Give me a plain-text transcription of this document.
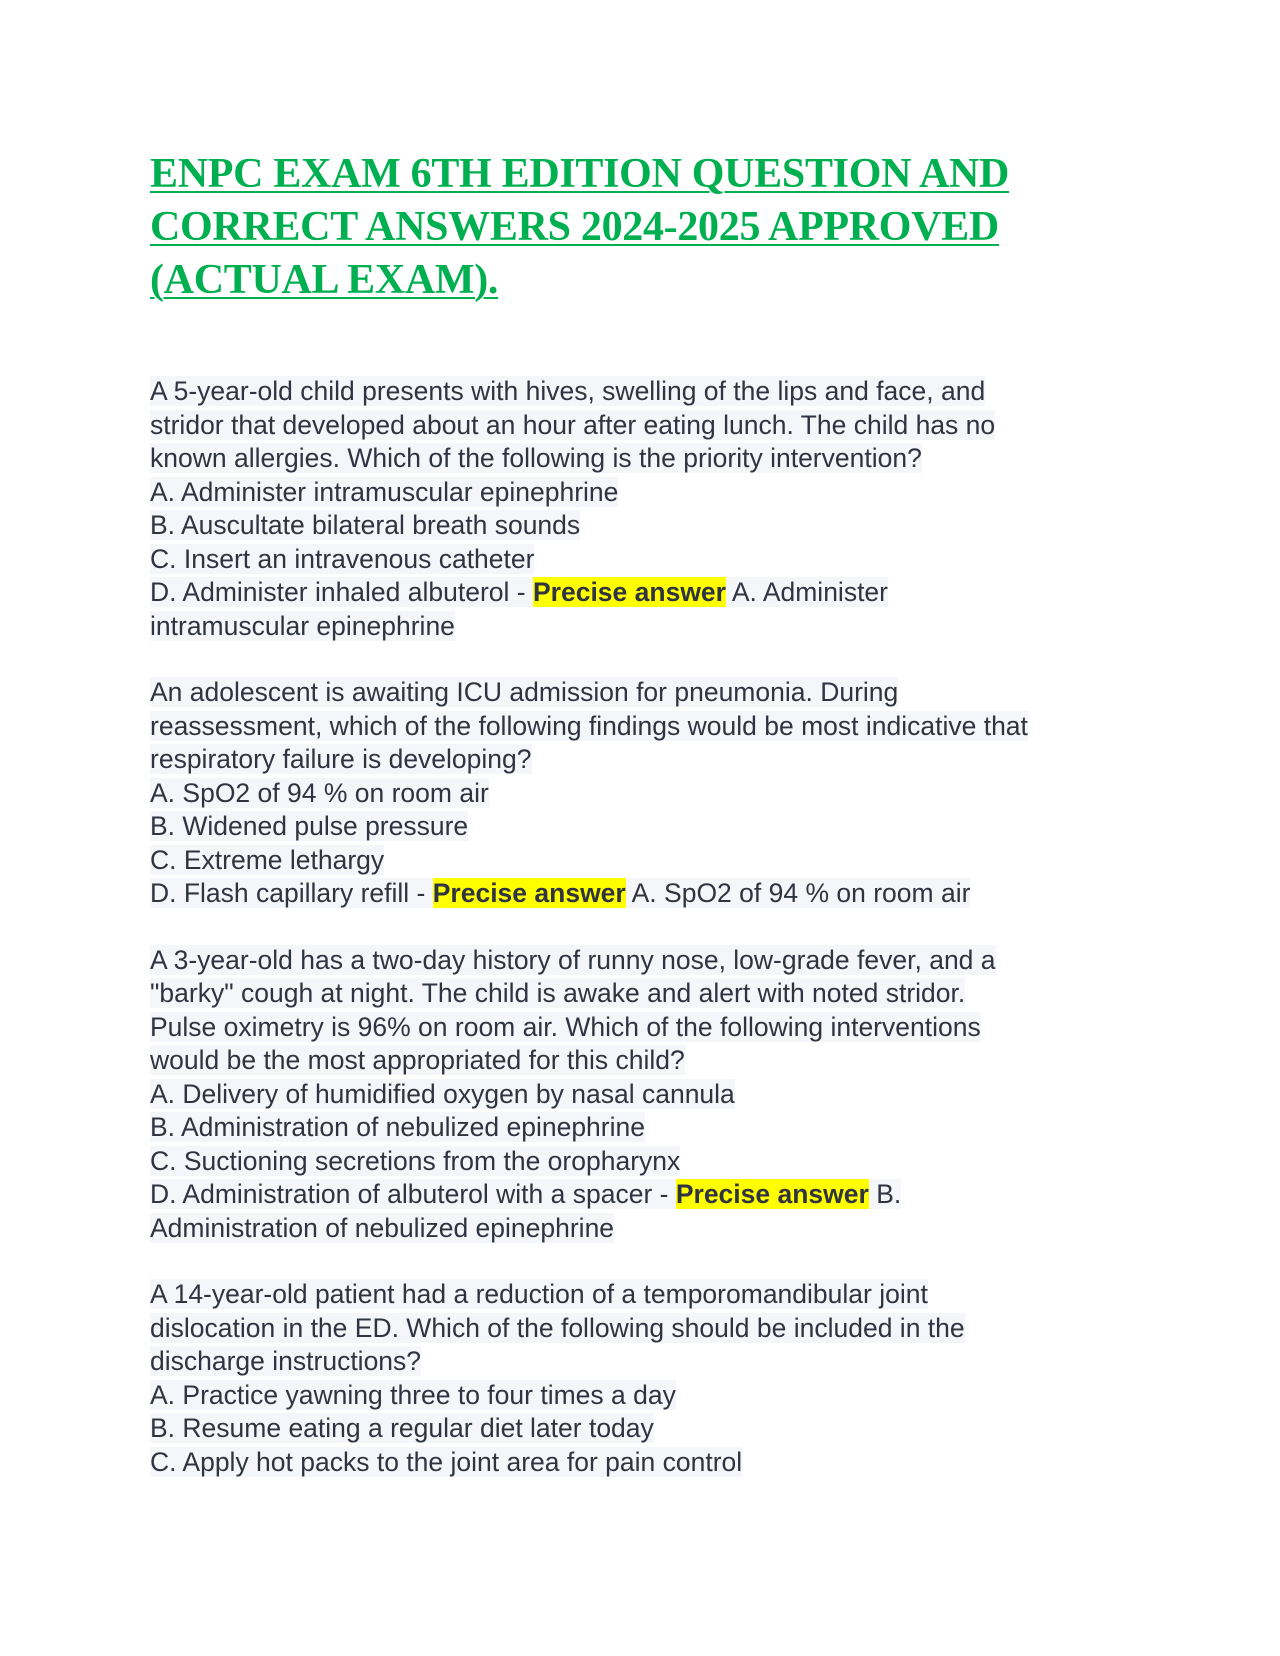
ENPC EXAM 6TH EDITION QUESTION AND
CORRECT ANSWERS 2024-2025 APPROVED
(ACTUAL EXAM).
A 5-year-old child presents with hives, swelling of the lips and face, and
stridor that developed about an hour after eating lunch. The child has no
known allergies. Which of the following is the priority intervention?
A. Administer intramuscular epinephrine
B. Auscultate bilateral breath sounds
C. Insert an intravenous catheter
D. Administer inhaled albuterol - Precise answer A. Administer
intramuscular epinephrine
An adolescent is awaiting ICU admission for pneumonia. During
reassessment, which of the following findings would be most indicative that
respiratory failure is developing?
A. SpO2 of 94 % on room air
B. Widened pulse pressure
C. Extreme lethargy
D. Flash capillary refill - Precise answer A. SpO2 of 94 % on room air
A 3-year-old has a two-day history of runny nose, low-grade fever, and a
"barky" cough at night. The child is awake and alert with noted stridor.
Pulse oximetry is 96% on room air. Which of the following interventions
would be the most appropriated for this child?
A. Delivery of humidified oxygen by nasal cannula
B. Administration of nebulized epinephrine
C. Suctioning secretions from the oropharynx
D. Administration of albuterol with a spacer - Precise answer B.
Administration of nebulized epinephrine
A 14-year-old patient had a reduction of a temporomandibular joint
dislocation in the ED. Which of the following should be included in the
discharge instructions?
A. Practice yawning three to four times a day
B. Resume eating a regular diet later today
C. Apply hot packs to the joint area for pain control
